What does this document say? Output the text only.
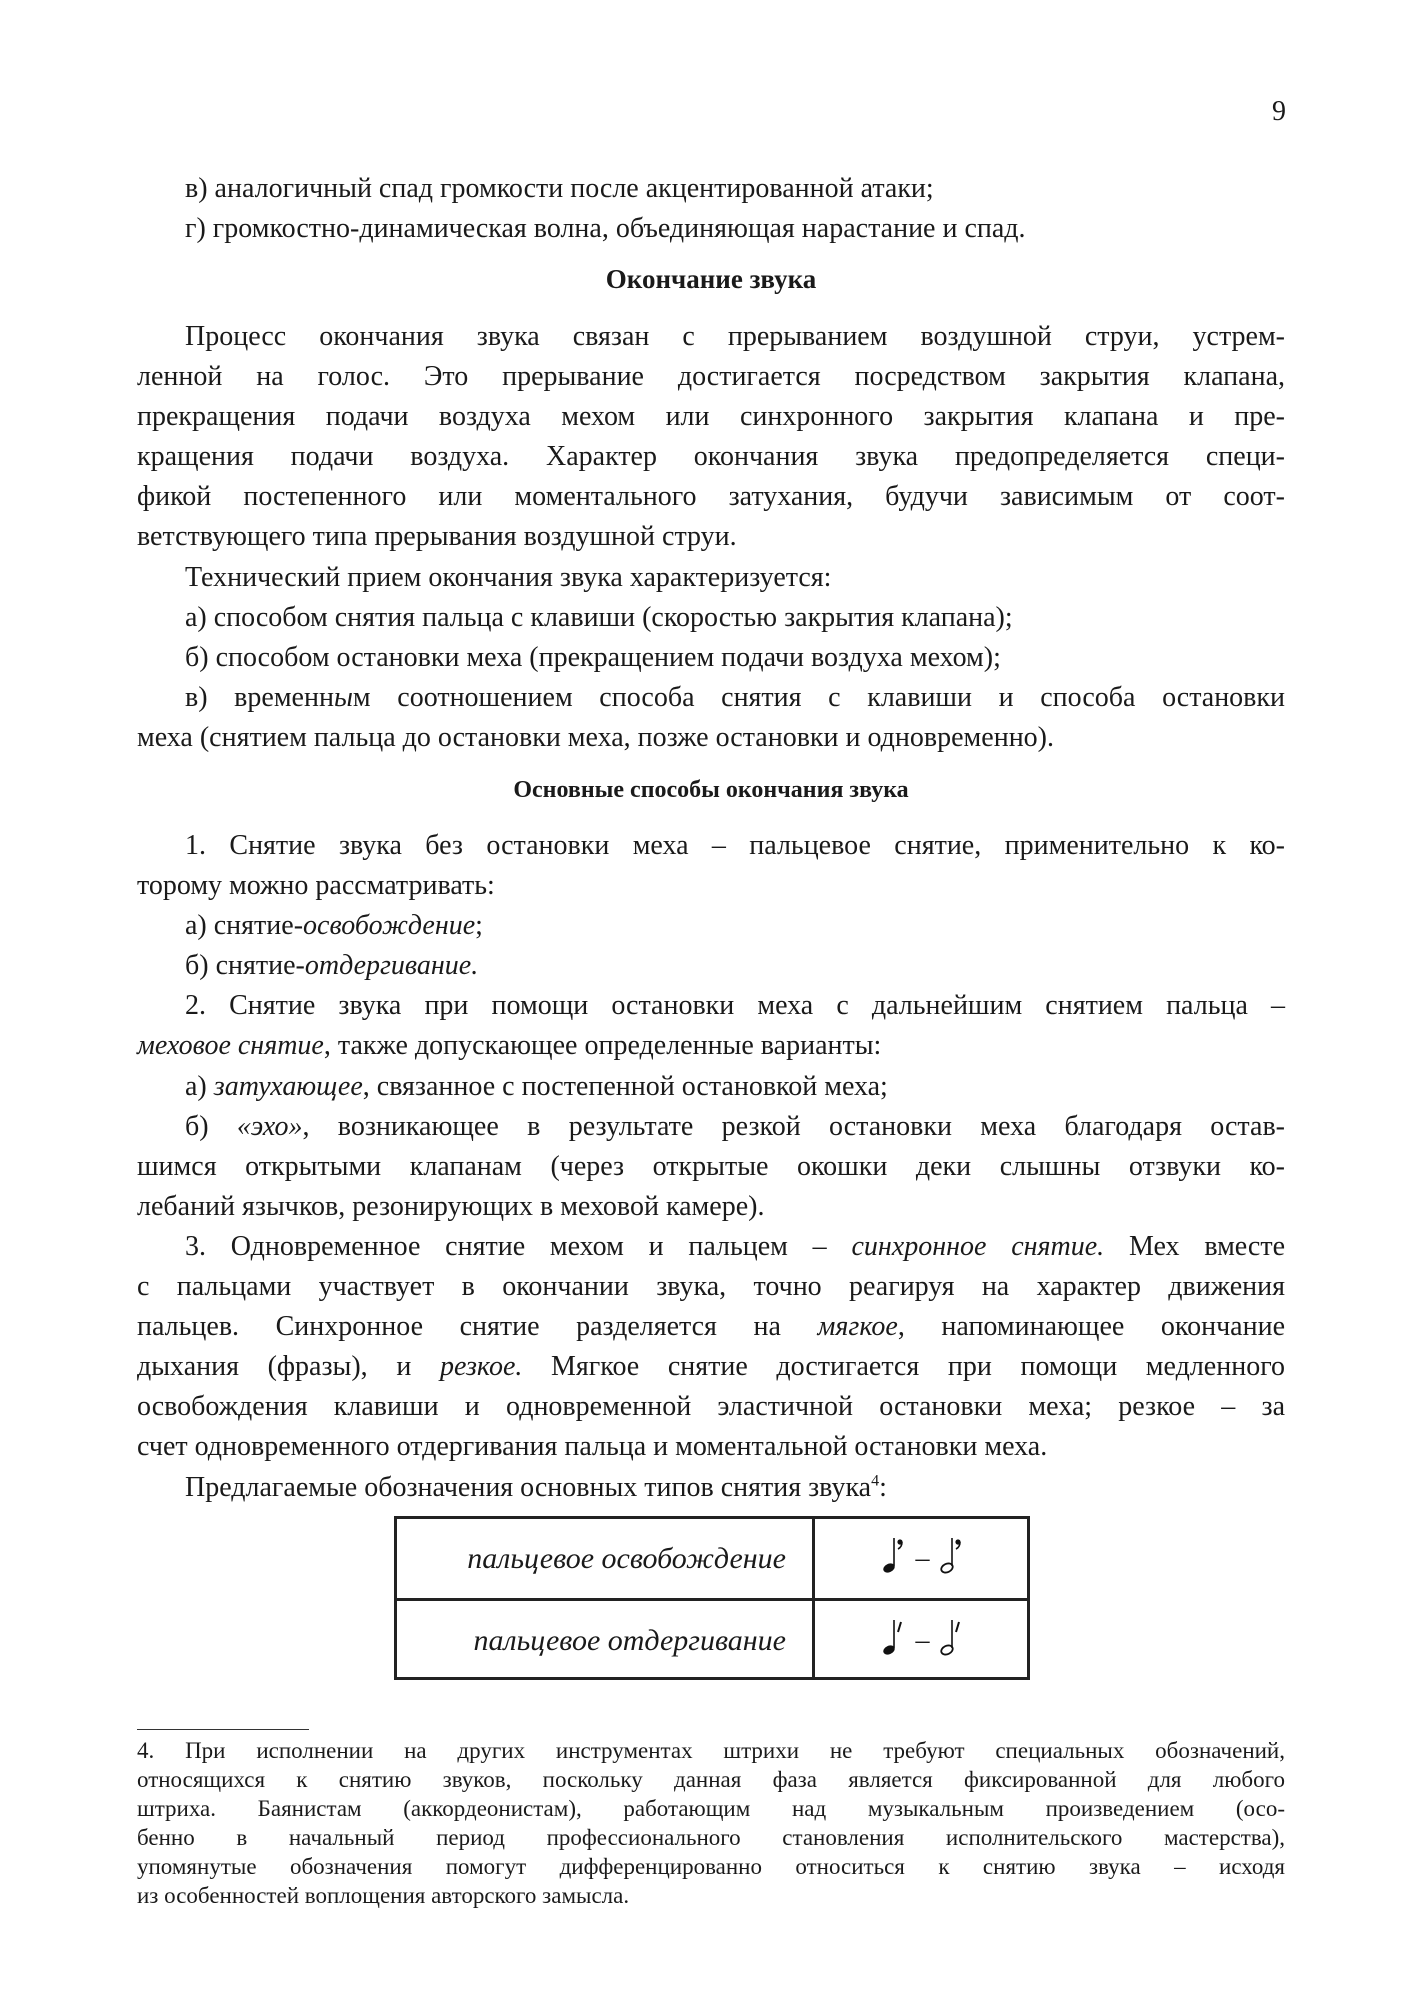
9
в) аналогичный спад громкости после акцентированной атаки;
г) громкостно-динамическая волна, объединяющая нарастание и спад.
Окончание звука
Процесс окончания звука связан с прерыванием воздушной струи, устрем-
ленной на голос. Это прерывание достигается посредством закрытия клапана,
прекращения подачи воздуха мехом или синхронного закрытия клапана и пре-
кращения подачи воздуха. Характер окончания звука предопределяется специ-
фикой постепенного или моментального затухания, будучи зависимым от соот-
ветствующего типа прерывания воздушной струи.
Технический прием окончания звука характеризуется:
а) способом снятия пальца с клавиши (скоростью закрытия клапана);
б) способом остановки меха (прекращением подачи воздуха мехом);
в) временным соотношением способа снятия с клавиши и способа остановки
меха (снятием пальца до остановки меха, позже остановки и одновременно).
Основные способы окончания звука
1. Снятие звука без остановки меха – пальцевое снятие, применительно к ко-
торому можно рассматривать:
а) снятие-освобождение;
б) снятие-отдергивание.
2. Снятие звука при помощи остановки меха с дальнейшим снятием пальца –
меховое снятие, также допускающее определенные варианты:
а) затухающее, связанное с постепенной остановкой меха;
б) «эхо», возникающее в результате резкой остановки меха благодаря остав-
шимся открытыми клапанам (через открытые окошки деки слышны отзвуки ко-
лебаний язычков, резонирующих в меховой камере).
3. Одновременное снятие мехом и пальцем – синхронное снятие. Мех вместе
с пальцами участвует в окончании звука, точно реагируя на характер движения
пальцев. Синхронное снятие разделяется на мягкое, напоминающее окончание
дыхания (фразы), и резкое. Мягкое снятие достигается при помощи медленного
освобождения клавиши и одновременной эластичной остановки меха; резкое – за
счет одновременного отдергивания пальца и моментальной остановки меха.
Предлагаемые обозначения основных типов снятия звука$^4$:
пальцевое освобождение	–
пальцевое отдергивание	–
4. При исполнении на других инструментах штрихи не требуют специальных обозначений,
относящихся к снятию звуков, поскольку данная фаза является фиксированной для любого
штриха. Баянистам (аккордеонистам), работающим над музыкальным произведением (осо-
бенно в начальный период профессионального становления исполнительского мастерства),
упомянутые обозначения помогут дифференцированно относиться к снятию звука – исходя
из особенностей воплощения авторского замысла.
